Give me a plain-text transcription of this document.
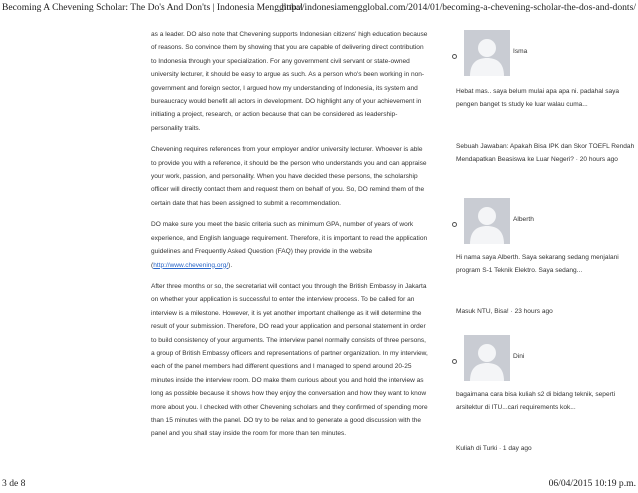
Becoming A Chevening Scholar: The Do's And Don'ts | Indonesia Mengglobal
http://indonesiamengglobal.com/2014/01/becoming-a-chevening-scholar-the-dos-and-donts/

as a leader. DO also note that Chevening supports Indonesian citizens' high education because of reasons. So convince them by showing that you are capable of delivering direct contribution to Indonesia through your specialization. For any government civil servant or state-owned university lecturer, it should be easy to argue as such. As a person who's been working in non-government and foreign sector, I argued how my understanding of Indonesia, its system and bureaucracy would benefit all actors in development. DO highlight any of your achievement in initiating a project, research, or action because that can be considered as leadership-personality traits.

Chevening requires references from your employer and/or university lecturer. Whoever is able to provide you with a reference, it should be the person who understands you and can appraise your work, passion, and personality. When you have decided these persons, the scholarship officer will directly contact them and request them on behalf of you. So, DO remind them of the certain date that has been assigned to submit a recommendation.

DO make sure you meet the basic criteria such as minimum GPA, number of years of work experience, and English language requirement. Therefore, it is important to read the application guidelines and Frequently Asked Question (FAQ) they provide in the website (http://www.chevening.org/).

After three months or so, the secretariat will contact you through the British Embassy in Jakarta on whether your application is successful to enter the interview process. To be called for an interview is a milestone. However, it is yet another important challenge as it will determine the result of your submission. Therefore, DO read your application and personal statement in order to build consistency of your arguments. The interview panel normally consists of three persons, a group of British Embassy officers and representations of partner organization. In my interview, each of the panel members had different questions and I managed to spend around 20-25 minutes inside the interview room. DO make them curious about you and hold the interview as long as possible because it shows how they enjoy the conversation and how they want to know more about you. I checked with other Chevening scholars and they confirmed of spending more than 15 minutes with the panel. DO try to be relax and to generate a good discussion with the panel and you shall stay inside the room for more than ten minutes.

Isma
Hebat mas.. saya belum mulai apa apa ni. padahal saya pengen banget ts study ke luar walau cuma...
Sebuah Jawaban: Apakah Bisa IPK dan Skor TOEFL Rendah Mendapatkan Beasiswa ke Luar Negeri? · 20 hours ago
Alberth
Hi nama saya Alberth. Saya sekarang sedang menjalani program S-1 Teknik Elektro. Saya sedang...
Masuk NTU, Bisa! · 23 hours ago
Dini
bagaimana cara bisa kuliah s2 di bidang teknik, seperti arsitektur di ITU...cari requirements kok...
Kuliah di Turki · 1 day ago
3 de 8	06/04/2015 10:19 p.m.
